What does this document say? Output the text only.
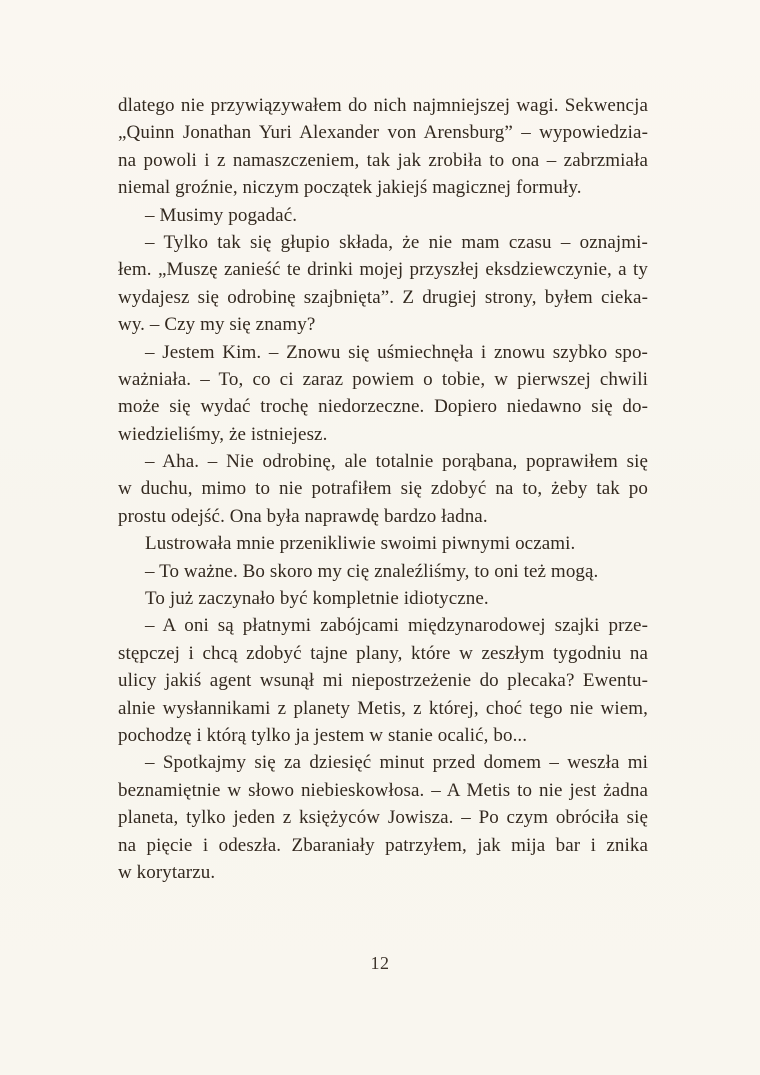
dlatego nie przywiązywałem do nich najmniejszej wagi. Sekwencja
„Quinn Jonathan Yuri Alexander von Arensburg” – wypowiedzia-
na powoli i z namaszczeniem, tak jak zrobiła to ona – zabrzmiała
niemal groźnie, niczym początek jakiejś magicznej formuły.
– Musimy pogadać.
– Tylko tak się głupio składa, że nie mam czasu – oznajmi-
łem. „Muszę zanieść te drinki mojej przyszłej eksdziewczynie, a ty
wydajesz się odrobinę szajbnięta”. Z drugiej strony, byłem cieka-
wy. – Czy my się znamy?
– Jestem Kim. – Znowu się uśmiechnęła i znowu szybko spo-
ważniała. – To, co ci zaraz powiem o tobie, w pierwszej chwili
może się wydać trochę niedorzeczne. Dopiero niedawno się do-
wiedzieliśmy, że istniejesz.
– Aha. – Nie odrobinę, ale totalnie porąbana, poprawiłem się
w duchu, mimo to nie potrafiłem się zdobyć na to, żeby tak po
prostu odejść. Ona była naprawdę bardzo ładna.
Lustrowała mnie przenikliwie swoimi piwnymi oczami.
– To ważne. Bo skoro my cię znaleźliśmy, to oni też mogą.
To już zaczynało być kompletnie idiotyczne.
– A oni są płatnymi zabójcami międzynarodowej szajki prze-
stępczej i chcą zdobyć tajne plany, które w zeszłym tygodniu na
ulicy jakiś agent wsunął mi niepostrzeżenie do plecaka? Ewentu-
alnie wysłannikami z planety Metis, z której, choć tego nie wiem,
pochodzę i którą tylko ja jestem w stanie ocalić, bo...
– Spotkajmy się za dziesięć minut przed domem – weszła mi
beznamiętnie w słowo niebieskowłosa. – A Metis to nie jest żadna
planeta, tylko jeden z księżyców Jowisza. – Po czym obróciła się
na pięcie i odeszła. Zbaraniały patrzyłem, jak mija bar i znika
w korytarzu.
12
